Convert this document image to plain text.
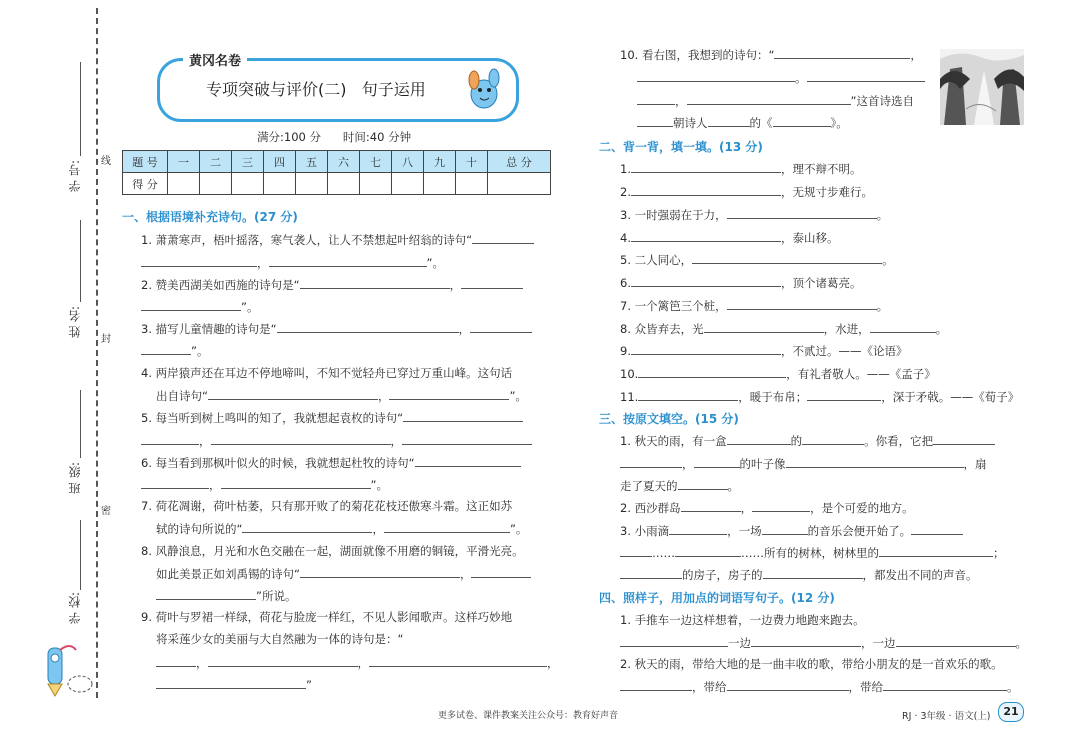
学 校:
班 级:
姓 名:
学 号: 线
封
密
黄冈名卷
专项突破与评价(二)   句子运用
满分:100 分      时间:40 分钟
题 号	一	二	三	四	五	六	七	八	九	十	总 分
得 分											
一、根据语境补充诗句。(27 分)
1. 萧萧寒声，梧叶摇落，寒气袭人，让人不禁想起叶绍翁的诗句“
，	”。
2. 赞美西湖美如西施的诗句是“	，
”。
3. 描写儿童情趣的诗句是“	，
”。
4. 两岸猿声还在耳边不停地啼叫，不知不觉轻舟已穿过万重山峰。这句话
出自诗句“	，	”。
5. 每当听到树上鸣叫的知了，我就想起袁枚的诗句“
，	，
6. 每当看到那枫叶似火的时候，我就想起杜牧的诗句“
，	”。
7. 荷花凋谢，荷叶枯萎，只有那开败了的菊花花枝还傲寒斗霜。这正如苏
轼的诗句所说的“	，	”。
8. 风静浪息，月光和水色交融在一起，湖面就像不用磨的铜镜，平滑光亮。
如此美景正如刘禹锡的诗句“	，
”所说。
9. 荷叶与罗裙一样绿，荷花与脸庞一样红，不见人影闻歌声。这样巧妙地
将采莲少女的美丽与大自然融为一体的诗句是：“
，	，	，
”
10. 看右图，我想到的诗句：“	，
。
，	”这首诗选自
朝诗人	的《	》。
二、背一背，填一填。(13 分)
1.	，理不辩不明。
2.	，无规寸步难行。
3. 一时强弱在于力，	。
4.	，泰山移。
5. 二人同心，	。
6.	，顶个诸葛亮。
7. 一个篱笆三个桩，	。
8. 众皆弃去，光	，水进，	。
9.	，不贰过。——《论语》
10.	，有礼者敬人。——《孟子》
11.	，暖于布帛；	，深于矛戟。——《荀子》
三、按原文填空。(15 分)
1. 秋天的雨，有一盒	的	。你看，它把
，	的叶子像	，扇
走了夏天的	。
2. 西沙群岛	，	，是个可爱的地方。
3. 小雨滴	，一场	的音乐会便开始了。
……	……所有的树林，树林里的	；
的房子，房子的	，都发出不同的声音。
四、照样子，用加点的词语写句子。(12 分)
1. 手推车一边这样想着，一边费力地跑来跑去。
一边	，一边	。
2. 秋天的雨，带给大地的是一曲丰收的歌，带给小朋友的是一首欢乐的歌。
，带给	，带给	。
更多试卷、课件教案关注公众号：教育好声音	RJ · 3年级 · 语文(上)	21
